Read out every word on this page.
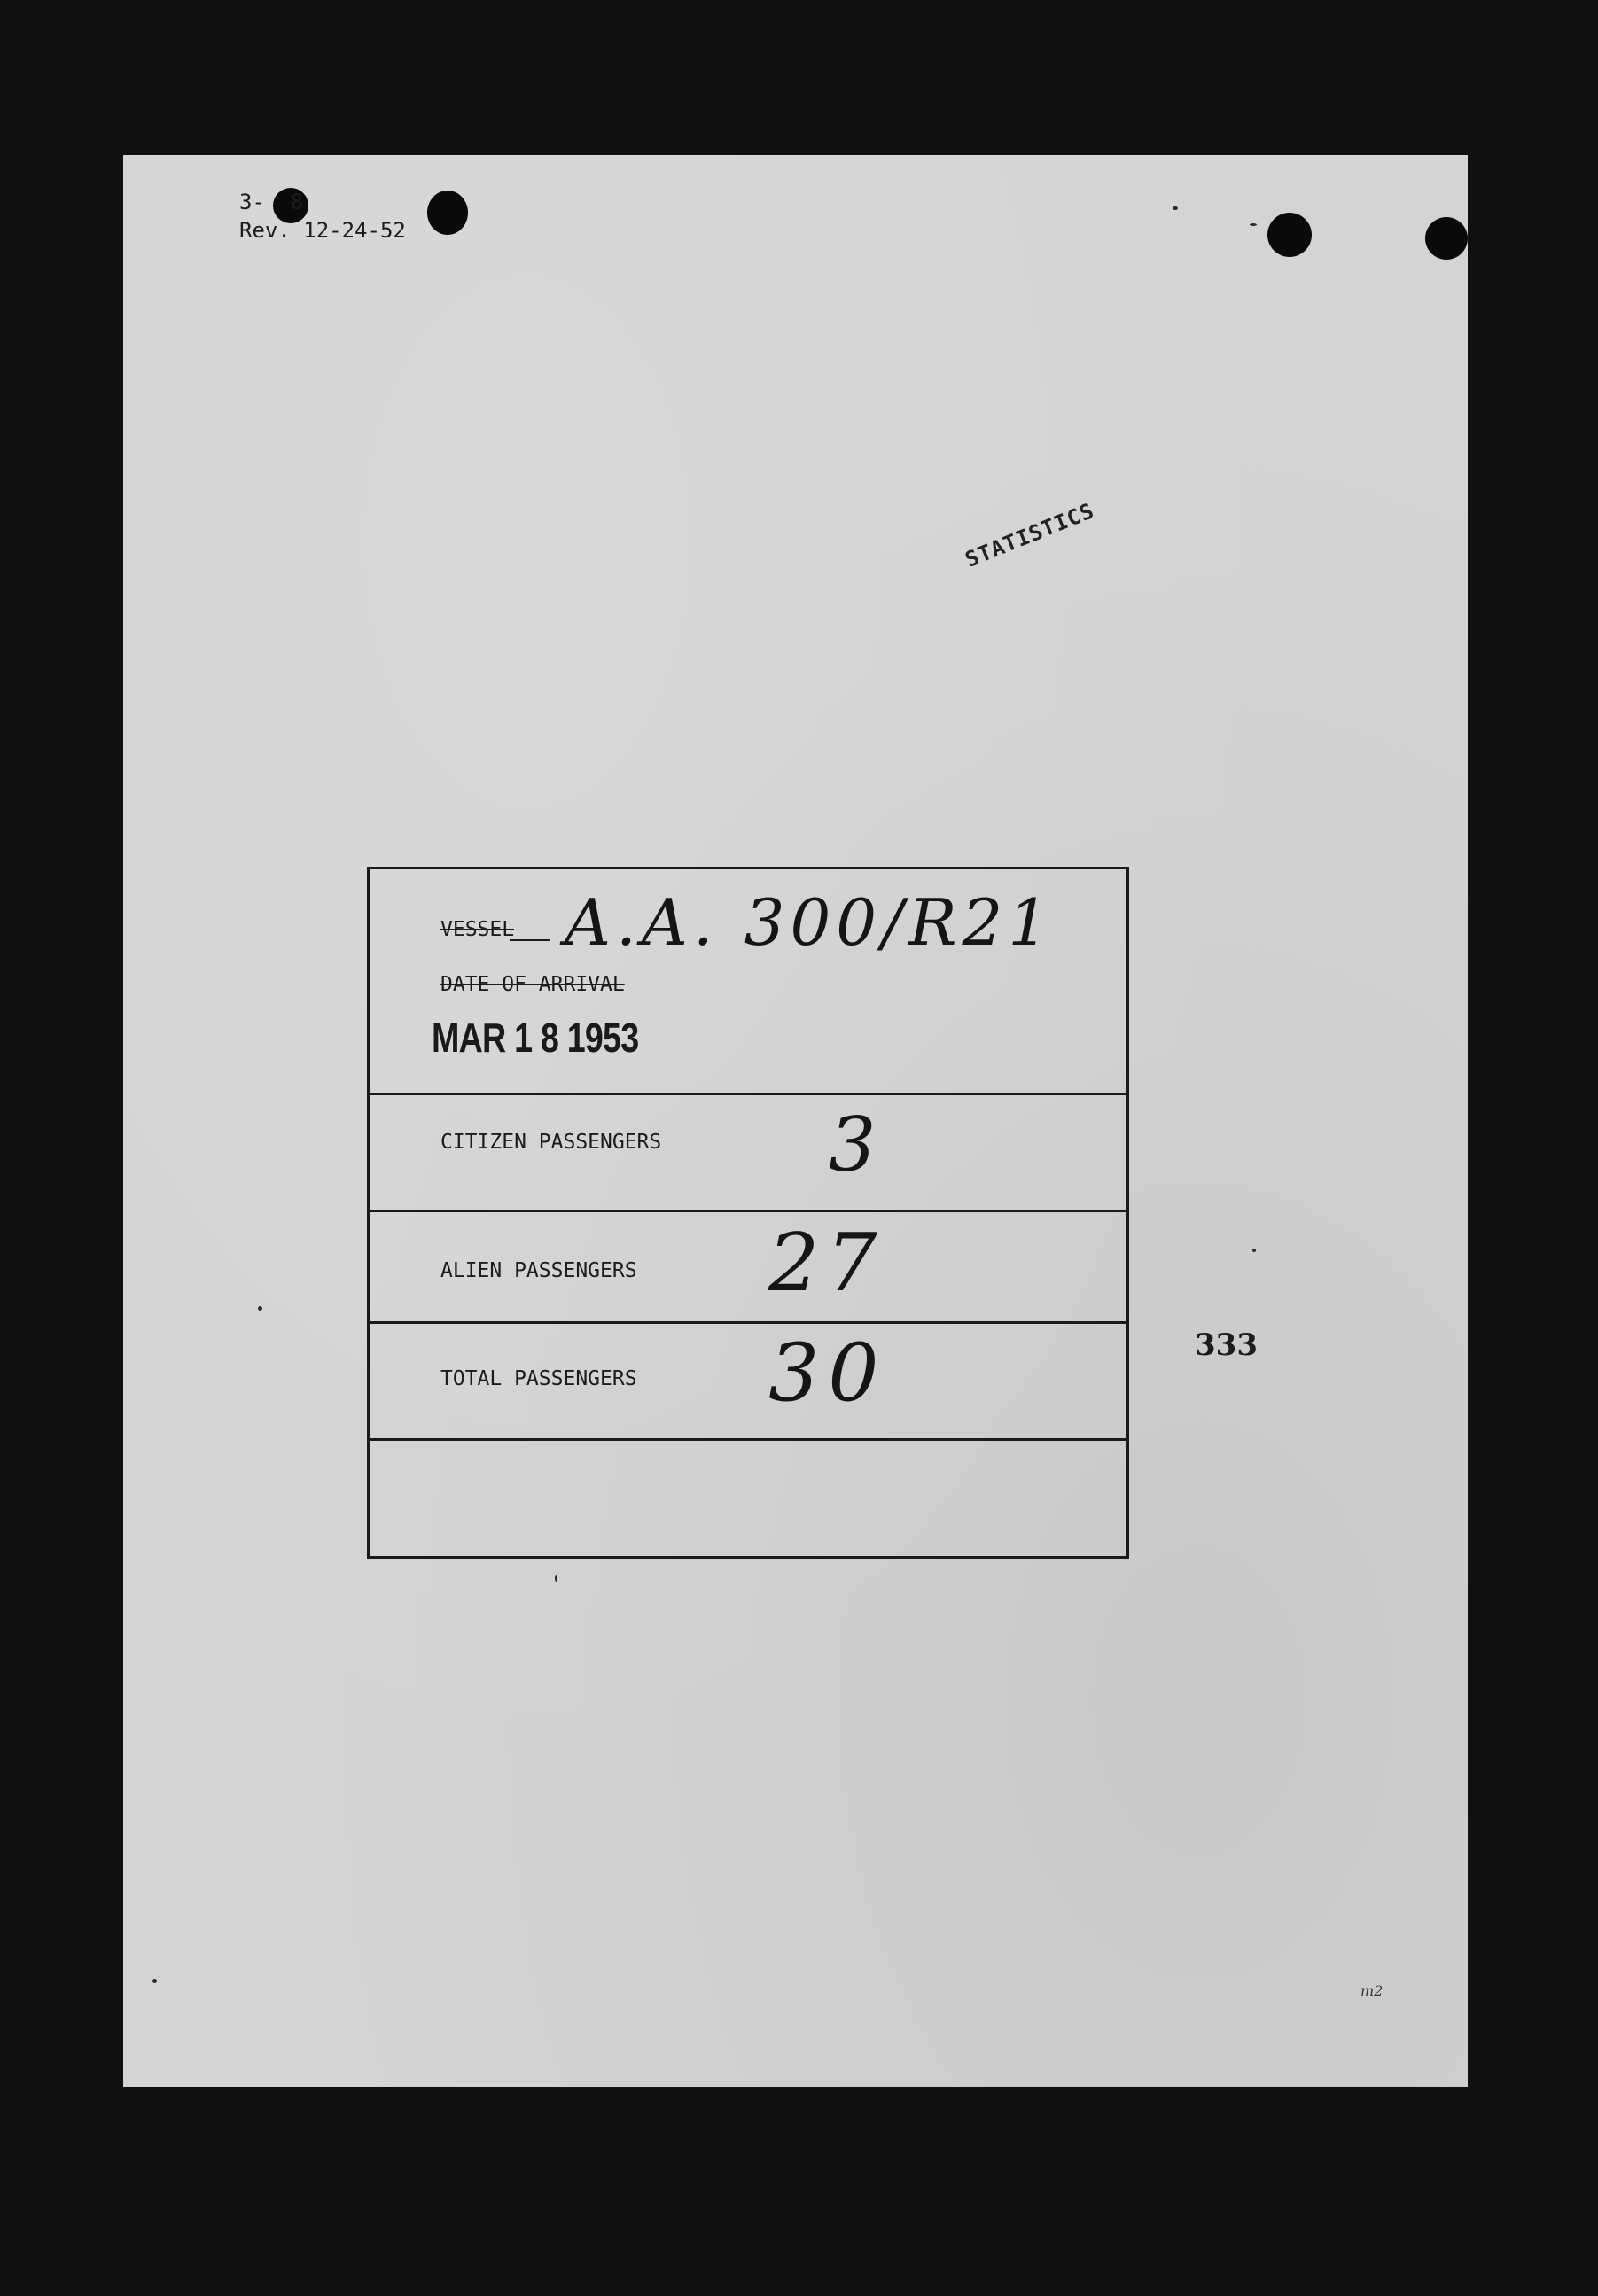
3-  8
Rev. 12-24-52
STATISTICS
VESSEL A.A. 300/R21
DATE OF ARRIVAL
MAR 1 8 1953
CITIZEN PASSENGERS 3
ALIEN PASSENGERS 27
TOTAL PASSENGERS 30	333
m2
